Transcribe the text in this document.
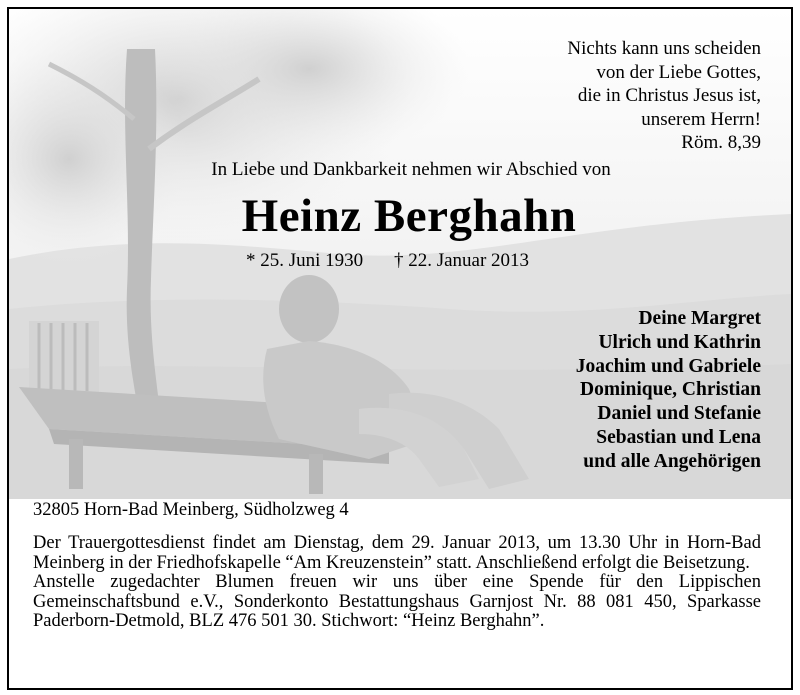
Nichts kann uns scheiden
von der Liebe Gottes,
die in Christus Jesus ist,
unserem Herrn!
Röm. 8,39
In Liebe und Dankbarkeit nehmen wir Abschied von
Heinz Berghahn
* 25. Juni 1930 † 22. Januar 2013
Deine Margret
Ulrich und Kathrin
Joachim und Gabriele
Dominique, Christian
Daniel und Stefanie
Sebastian und Lena
und alle Angehörigen
32805 Horn-Bad Meinberg, Südholzweg 4

Der Trauergottesdienst findet am Dienstag, dem 29. Januar 2013, um 13.30 Uhr in Horn-Bad Meinberg in der Friedhofskapelle “Am Kreuzenstein” statt. Anschließend erfolgt die Beisetzung.

Anstelle zugedachter Blumen freuen wir uns über eine Spende für den Lippischen Gemeinschaftsbund e.V., Sonderkonto Bestattungshaus Garnjost Nr. 88 081 450, Sparkasse Paderborn-Detmold, BLZ 476 501 30. Stichwort: “Heinz Berghahn”.
